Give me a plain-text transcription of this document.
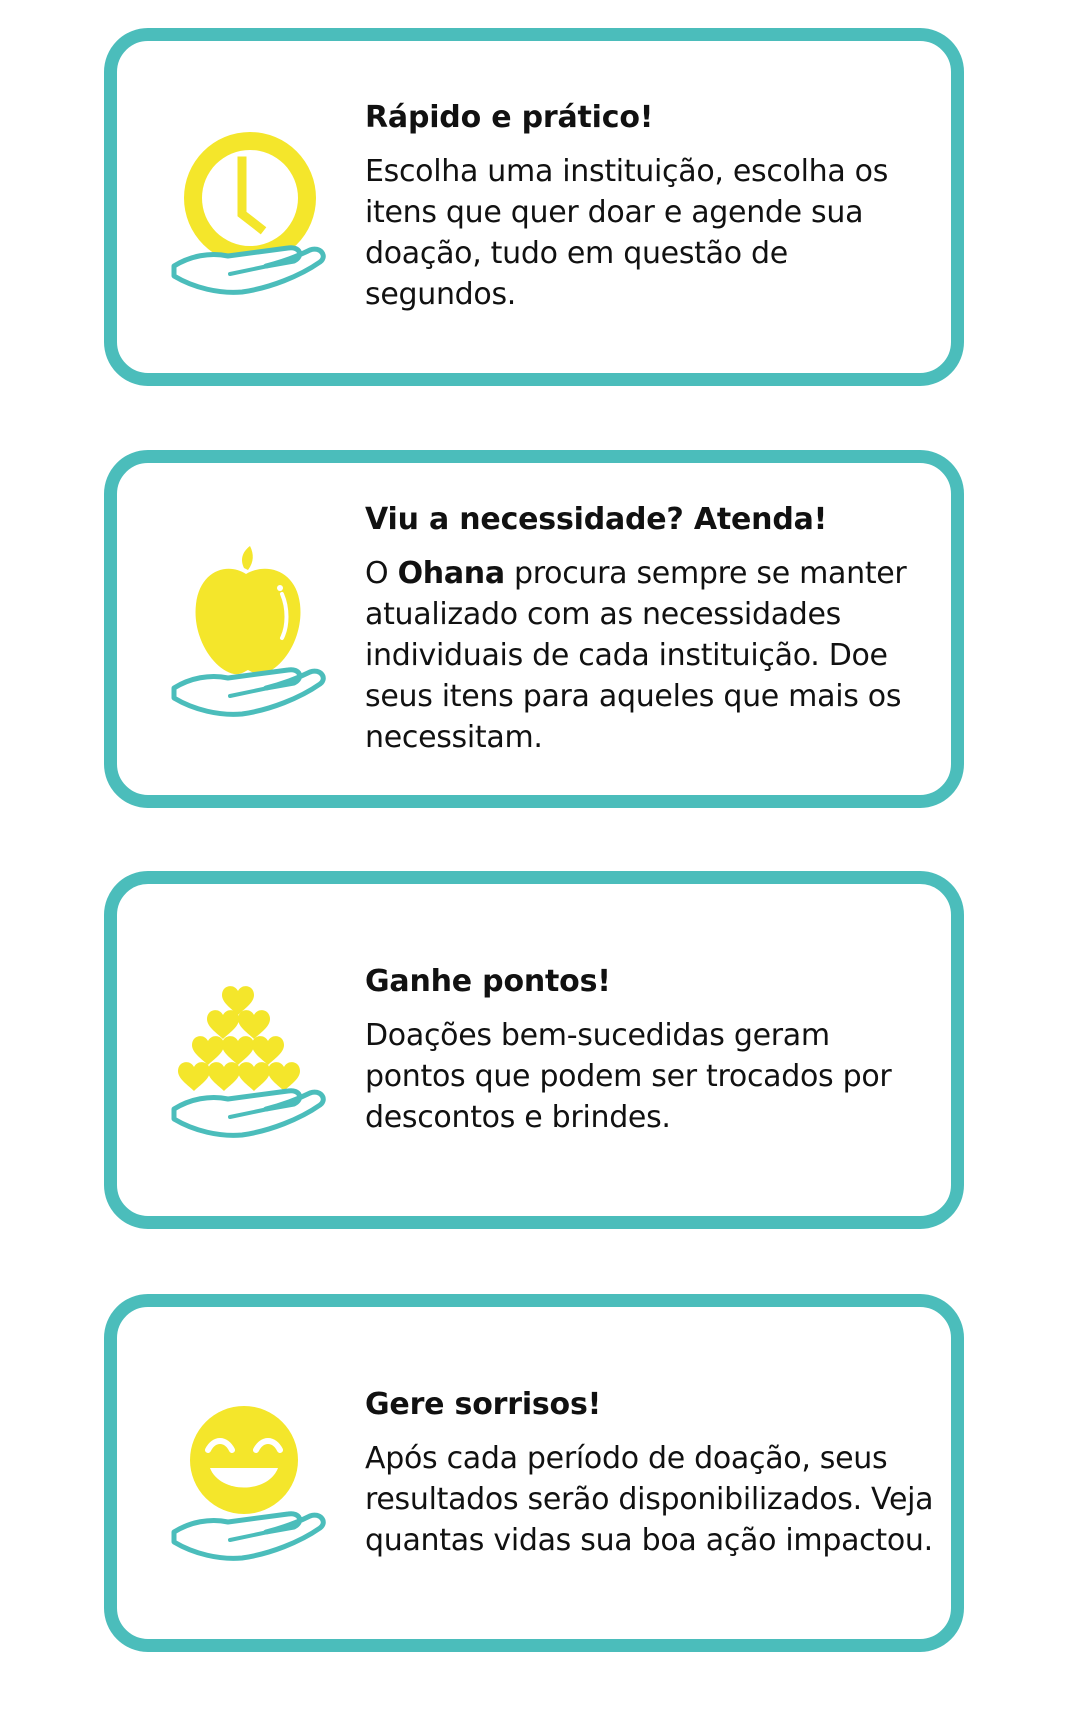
Rápido e prático!

Escolha uma instituição, escolha os itens que quer doar e agende sua doação, tudo em questão de segundos.

Viu a necessidade? Atenda!

O Ohana procura sempre se manter atualizado com as necessidades individuais de cada instituição. Doe seus itens para aqueles que mais os necessitam.

Ganhe pontos!

Doações bem-sucedidas geram pontos que podem ser trocados por descontos e brindes.

Gere sorrisos!

Após cada período de doação, seus resultados serão disponibilizados. Veja quantas vidas sua boa ação impactou.
